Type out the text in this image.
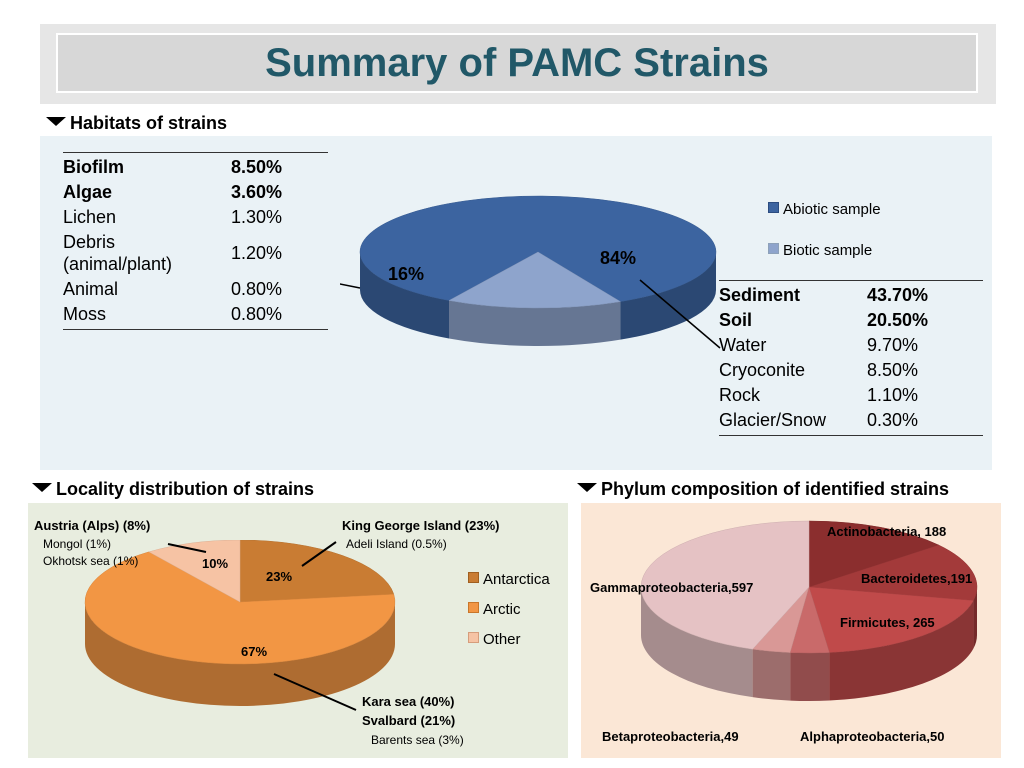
Summary of PAMC Strains
Habitats of strains
Biofilm	8.50%
Algae	3.60%
Lichen	1.30%
Debris (animal/plant)	1.20%
Animal	0.80%
Moss	0.80%
Sediment	43.70%
Soil	20.50%
Water	9.70%
Cryoconite	8.50%
Rock	1.10%
Glacier/Snow	0.30%
Abiotic sample
Biotic sample
16%
84%
Locality distribution of strains	Phylum composition of identified strains
10%
23%
67%
Austria (Alps) (8%)
Mongol (1%)
Okhotsk sea (1%)
King George Island (23%)
Adeli Island (0.5%)
Kara sea (40%)
Svalbard (21%)
Barents sea (3%)
Antarctica
Arctic
Other
Actinobacteria, 188
Bacteroidetes,191
Firmicutes, 265
Gammaproteobacteria,597
Betaproteobacteria,49	Alphaproteobacteria,50
